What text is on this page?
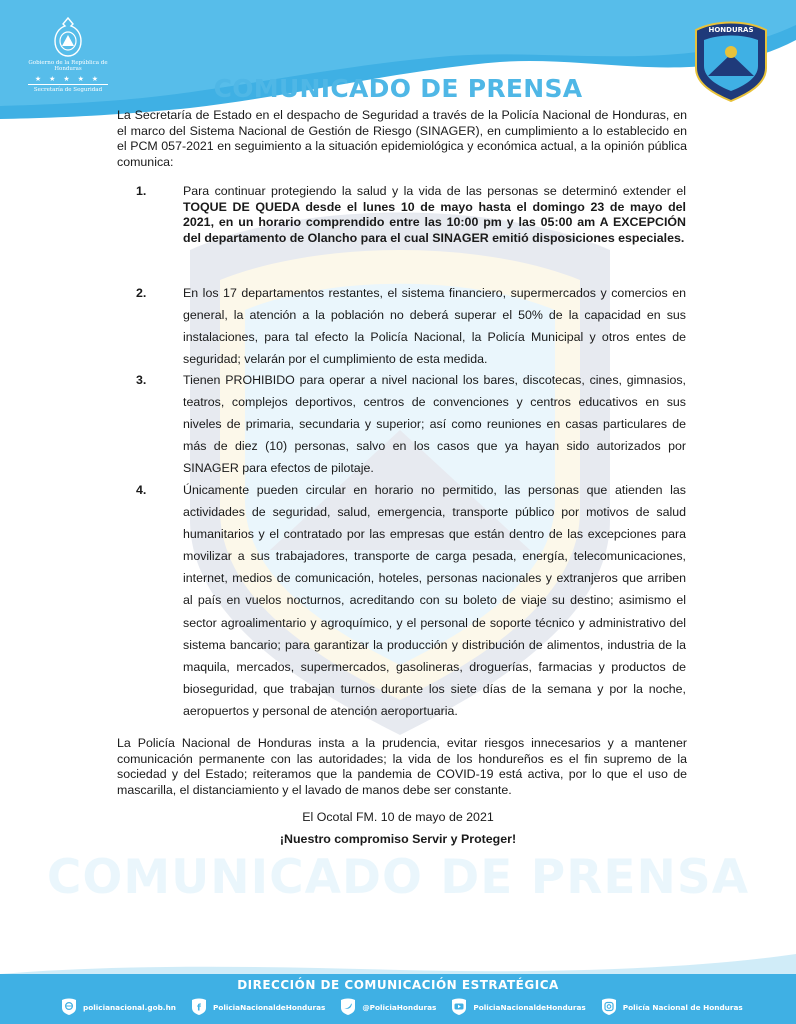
COMUNICADO DE PRENSA
Gobierno de la República de Honduras
★ ★ ★ ★ ★
Secretaría de Seguridad
HONDURAS
COMUNICADO DE PRENSA
La Secretaría de Estado en el despacho de Seguridad a través de la Policía Nacional de Honduras, en el marco del Sistema Nacional de Gestión de Riesgo (SINAGER), en cumplimiento a lo establecido en el PCM 057-2021 en seguimiento a la situación epidemiológica y económica actual, a la opinión pública comunica:
1.	Para continuar protegiendo la salud y la vida de las personas se determinó extender el TOQUE DE QUEDA desde el lunes 10 de mayo hasta el domingo 23 de mayo del 2021, en un horario comprendido entre las 10:00 pm y las 05:00 am A EXCEPCIÓN del departamento de Olancho para el cual SINAGER emitió disposiciones especiales.
2.	En los 17 departamentos restantes, el sistema financiero, supermercados y comercios en general, la atención a la población no deberá superar el 50% de la capacidad en sus instalaciones, para tal efecto la Policía Nacional, la Policía Municipal y otros entes de seguridad; velarán por el cumplimiento de esta medida.
3.	Tienen PROHIBIDO para operar a nivel nacional los bares, discotecas, cines, gimnasios, teatros, complejos deportivos, centros de convenciones y centros educativos en sus niveles de primaria, secundaria y superior; así como reuniones en casas particulares de más de diez (10) personas, salvo en los casos que ya hayan sido autorizados por SINAGER para efectos de pilotaje.
4.	Únicamente pueden circular en horario no permitido, las personas que atienden las actividades de seguridad, salud, emergencia, transporte público por motivos de salud humanitarios y el contratado por las empresas que están dentro de las excepciones para movilizar a sus trabajadores, transporte de carga pesada, energía, telecomunicaciones, internet, medios de comunicación, hoteles, personas nacionales y extranjeros que arriben al país en vuelos nocturnos, acreditando con su boleto de viaje su destino; asimismo el sector agroalimentario y agroquímico, y el personal de soporte técnico y administrativo del sistema bancario; para garantizar la producción y distribución de alimentos, industria de la maquila, mercados, supermercados, gasolineras, droguerías, farmacias y productos de bioseguridad, que trabajan turnos durante los siete días de la semana y por la noche, aeropuertos y personal de atención aeroportuaria.
La Policía Nacional de Honduras insta a la prudencia, evitar riesgos innecesarios y a mantener comunicación permanente con las autoridades; la vida de los hondureños es el fin supremo de la sociedad y del Estado; reiteramos que la pandemia de COVID-19 está activa, por lo que el uso de mascarilla, el distanciamiento y el lavado de manos debe ser constante.
El Ocotal FM. 10 de mayo de 2021
¡Nuestro compromiso Servir y Proteger!
DIRECCIÓN DE COMUNICACIÓN ESTRATÉGICA
policianacional.gob.hn f PoliciaNacionaldeHonduras	@PoliciaHonduras	PoliciaNacionaldeHonduras	Policía Nacional de Honduras
